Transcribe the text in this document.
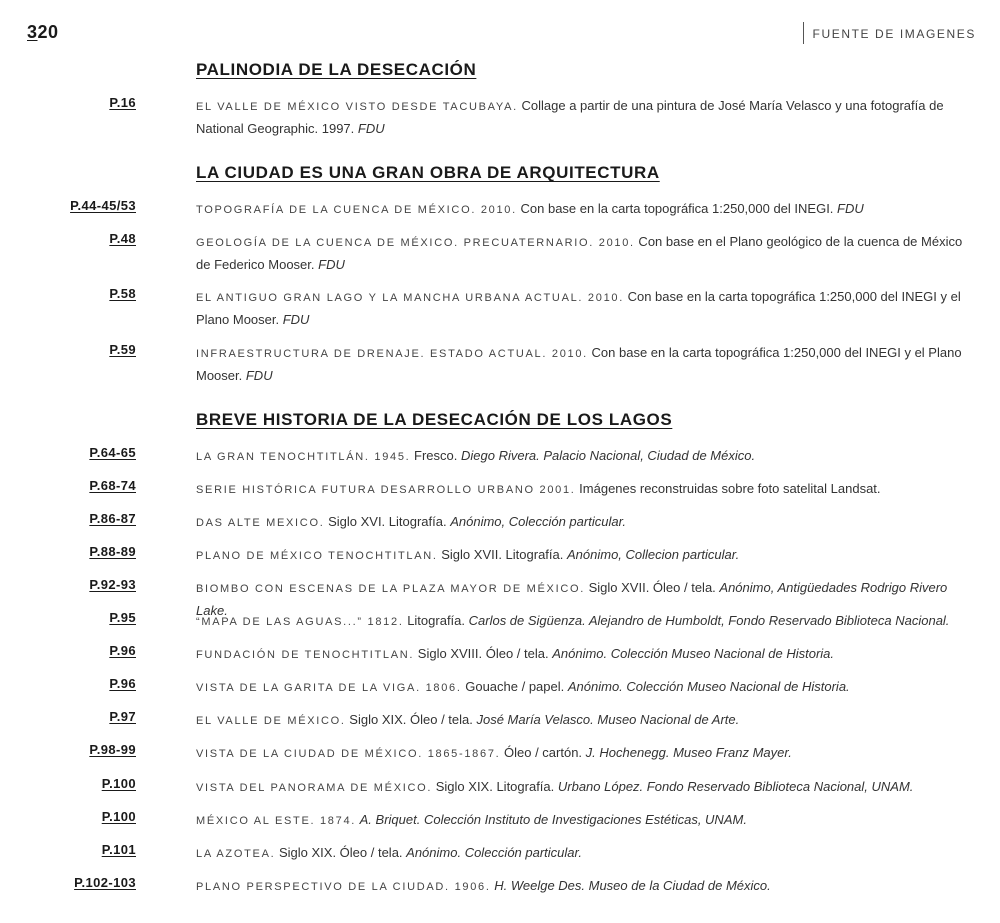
320	FUENTE DE IMAGENES
PALINODIA DE LA DESECACIÓN
P.16	EL VALLE DE MÉXICO VISTO DESDE TACUBAYA. Collage a partir de una pintura de José María Velasco y una fotografía de National Geographic. 1997. FDU
LA CIUDAD ES UNA GRAN OBRA DE ARQUITECTURA
P.44-45/53	TOPOGRAFÍA DE LA CUENCA DE MÉXICO. 2010. Con base en la carta topográfica 1:250,000 del INEGI. FDU
P.48	GEOLOGÍA DE LA CUENCA DE MÉXICO. PRECUATERNARIO. 2010. Con base en el Plano geológico de la cuenca de México de Federico Mooser. FDU
P.58	EL ANTIGUO GRAN LAGO Y LA MANCHA URBANA ACTUAL. 2010. Con base en la carta topográfica 1:250,000 del INEGI y el Plano Mooser. FDU
P.59	INFRAESTRUCTURA DE DRENAJE. ESTADO ACTUAL. 2010. Con base en la carta topográfica 1:250,000 del INEGI y el Plano Mooser. FDU
BREVE HISTORIA DE LA DESECACIÓN DE LOS LAGOS
P.64-65	LA GRAN TENOCHTITLÁN. 1945. Fresco. Diego Rivera. Palacio Nacional, Ciudad de México.
P.68-74	SERIE HISTÓRICA FUTURA DESARROLLO URBANO 2001. Imágenes reconstruidas sobre foto satelital Landsat.
P.86-87	DAS ALTE MEXICO. Siglo XVI. Litografía. Anónimo, Colección particular.
P.88-89	PLANO DE MÉXICO TENOCHTITLAN. Siglo XVII. Litografía. Anónimo, Collecion particular.
P.92-93	BIOMBO CON ESCENAS DE LA PLAZA MAYOR DE MÉXICO. Siglo XVII. Óleo / tela. Anónimo, Antigüedades Rodrigo Rivero Lake.
P.95	“MAPA DE LAS AGUAS...” 1812. Litografía. Carlos de Sigüenza. Alejandro de Humboldt, Fondo Reservado Biblioteca Nacional.
P.96	FUNDACIÓN DE TENOCHTITLAN. Siglo XVIII. Óleo / tela. Anónimo. Colección Museo Nacional de Historia.
P.96	VISTA DE LA GARITA DE LA VIGA. 1806. Gouache / papel. Anónimo. Colección Museo Nacional de Historia.
P.97	EL VALLE DE MÉXICO. Siglo XIX. Óleo / tela. José María Velasco. Museo Nacional de Arte.
P.98-99	VISTA DE LA CIUDAD DE MÉXICO. 1865-1867. Óleo / cartón. J. Hochenegg. Museo Franz Mayer.
P.100	VISTA DEL PANORAMA DE MÉXICO. Siglo XIX. Litografía. Urbano López. Fondo Reservado Biblioteca Nacional, UNAM.
P.100	MÉXICO AL ESTE. 1874. A. Briquet. Colección Instituto de Investigaciones Estéticas, UNAM.
P.101	LA AZOTEA. Siglo XIX. Óleo / tela. Anónimo. Colección particular.
P.102-103	PLANO PERSPECTIVO DE LA CIUDAD. 1906. H. Weelge Des. Museo de la Ciudad de México.
